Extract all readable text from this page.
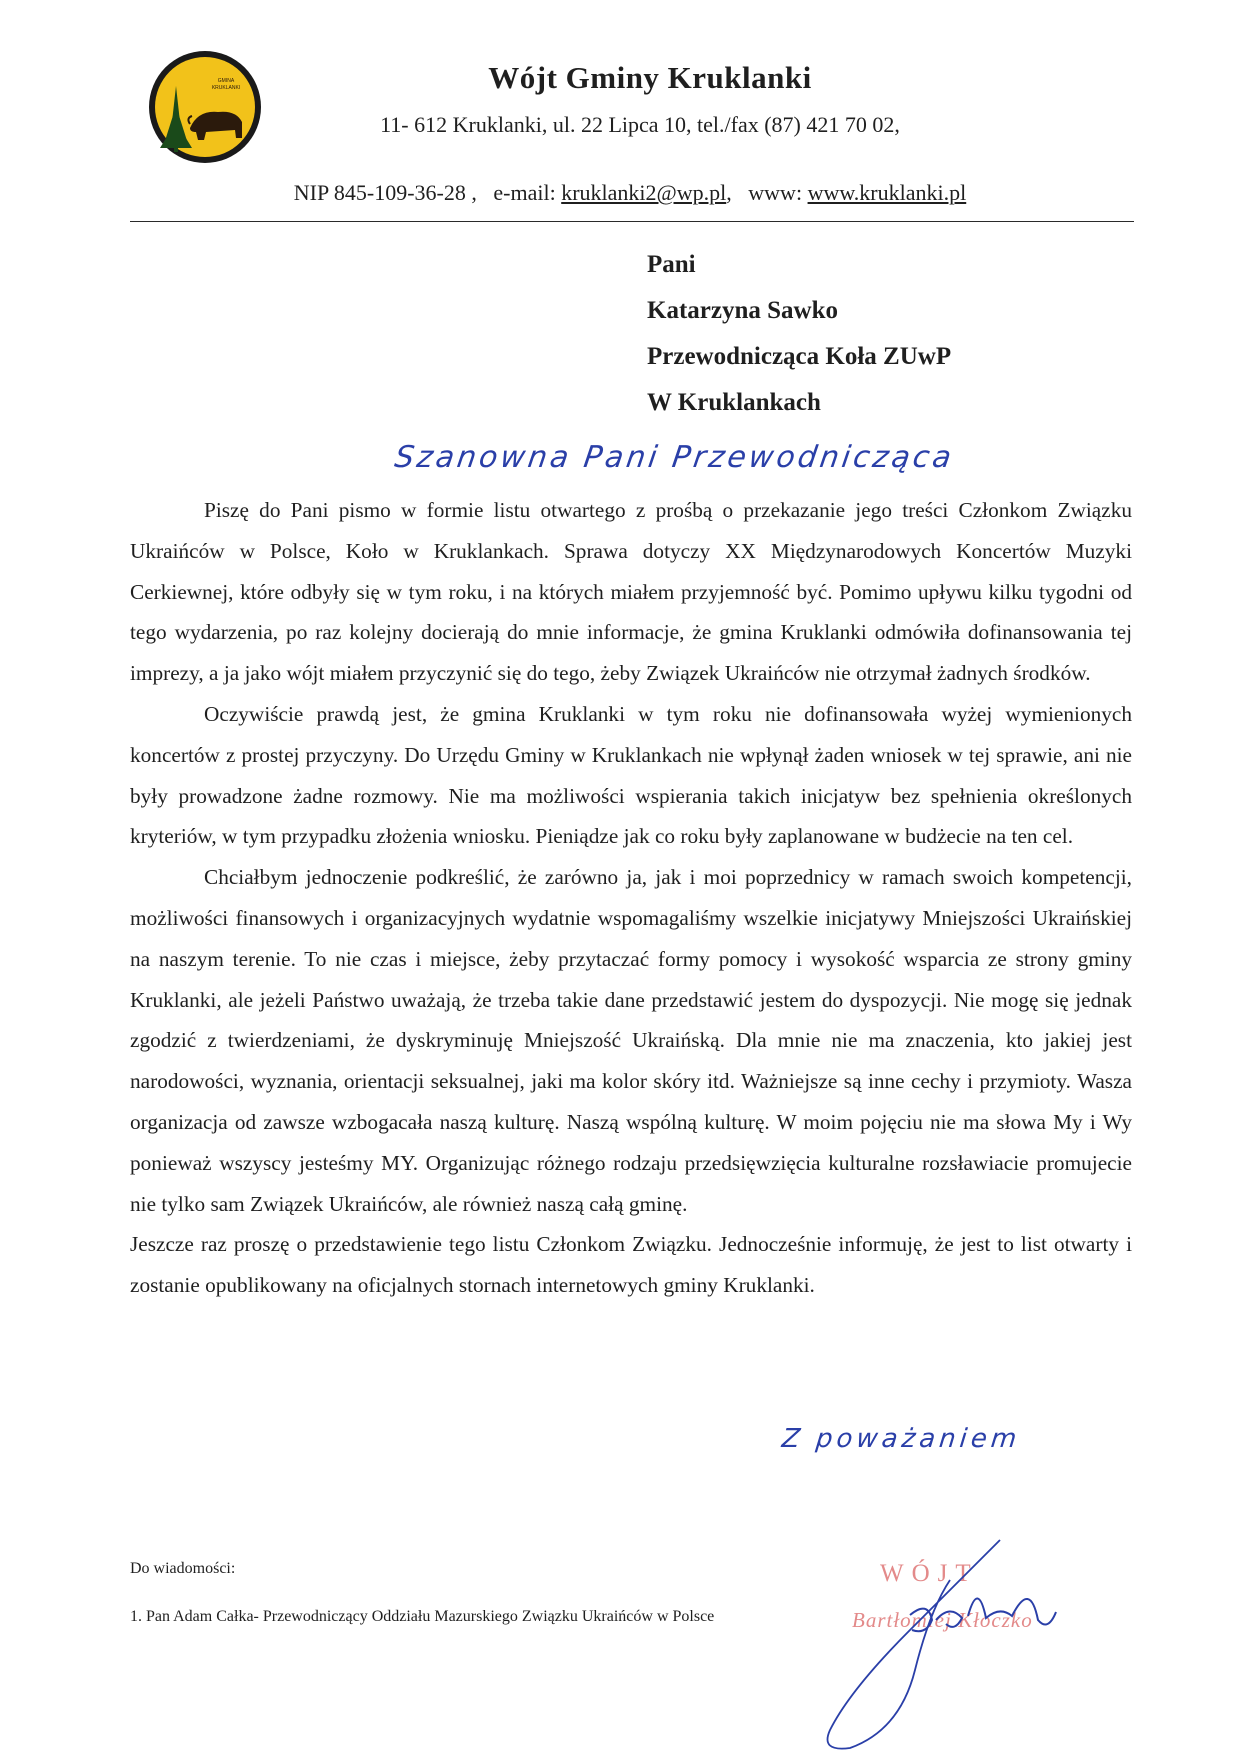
GMINA
KRUKLANKI	Wójt Gminy Kruklanki
11- 612 Kruklanki, ul. 22 Lipca 10, tel./fax (87) 421 70 02,
NIP 845-109-36-28 , e-mail: kruklanki2@wp.pl, www: www.kruklanki.pl
Pani
Katarzyna Sawko
Przewodnicząca Koła ZUwP
W Kruklankach
Szanowna Pani Przewodnicząca

Piszę do Pani pismo w formie listu otwartego z prośbą o przekazanie jego treści Członkom Związku Ukraińców w Polsce, Koło w Kruklankach. Sprawa dotyczy XX Międzynarodowych Koncertów Muzyki Cerkiewnej, które odbyły się w tym roku, i na których miałem przyjemność być. Pomimo upływu kilku tygodni od tego wydarzenia, po raz kolejny docierają do mnie informacje, że gmina Kruklanki odmówiła dofinansowania tej imprezy, a ja jako wójt miałem przyczynić się do tego, żeby Związek Ukraińców nie otrzymał żadnych środków.

Oczywiście prawdą jest, że gmina Kruklanki w tym roku nie dofinansowała wyżej wymienionych koncertów z prostej przyczyny. Do Urzędu Gminy w Kruklankach nie wpłynął żaden wniosek w tej sprawie, ani nie były prowadzone żadne rozmowy. Nie ma możliwości wspierania takich inicjatyw bez spełnienia określonych kryteriów, w tym przypadku złożenia wniosku. Pieniądze jak co roku były zaplanowane w budżecie na ten cel.

Chciałbym jednoczenie podkreślić, że zarówno ja, jak i moi poprzednicy w ramach swoich kompetencji, możliwości finansowych i organizacyjnych wydatnie wspomagaliśmy wszelkie inicjatywy Mniejszości Ukraińskiej na naszym terenie. To nie czas i miejsce, żeby przytaczać formy pomocy i wysokość wsparcia ze strony gminy Kruklanki, ale jeżeli Państwo uważają, że trzeba takie dane przedstawić jestem do dyspozycji. Nie mogę się jednak zgodzić z twierdzeniami, że dyskryminuję Mniejszość Ukraińską. Dla mnie nie ma znaczenia, kto jakiej jest narodowości, wyznania, orientacji seksualnej, jaki ma kolor skóry itd. Ważniejsze są inne cechy i przymioty. Wasza organizacja od zawsze wzbogacała naszą kulturę. Naszą wspólną kulturę. W moim pojęciu nie ma słowa My i Wy ponieważ wszyscy jesteśmy MY. Organizując różnego rodzaju przedsięwzięcia kulturalne rozsławiacie promujecie nie tylko sam Związek Ukraińców, ale również naszą całą gminę.

Jeszcze raz proszę o przedstawienie tego listu Członkom Związku. Jednocześnie informuję, że jest to list otwarty i zostanie opublikowany na oficjalnych stornach internetowych gminy Kruklanki.

Z poważaniem
Do wiadomości:
1. Pan Adam Całka- Przewodniczący Oddziału Mazurskiego Związku Ukraińców w Polsce
WÓJT
Bartłomiej Kłoczko
